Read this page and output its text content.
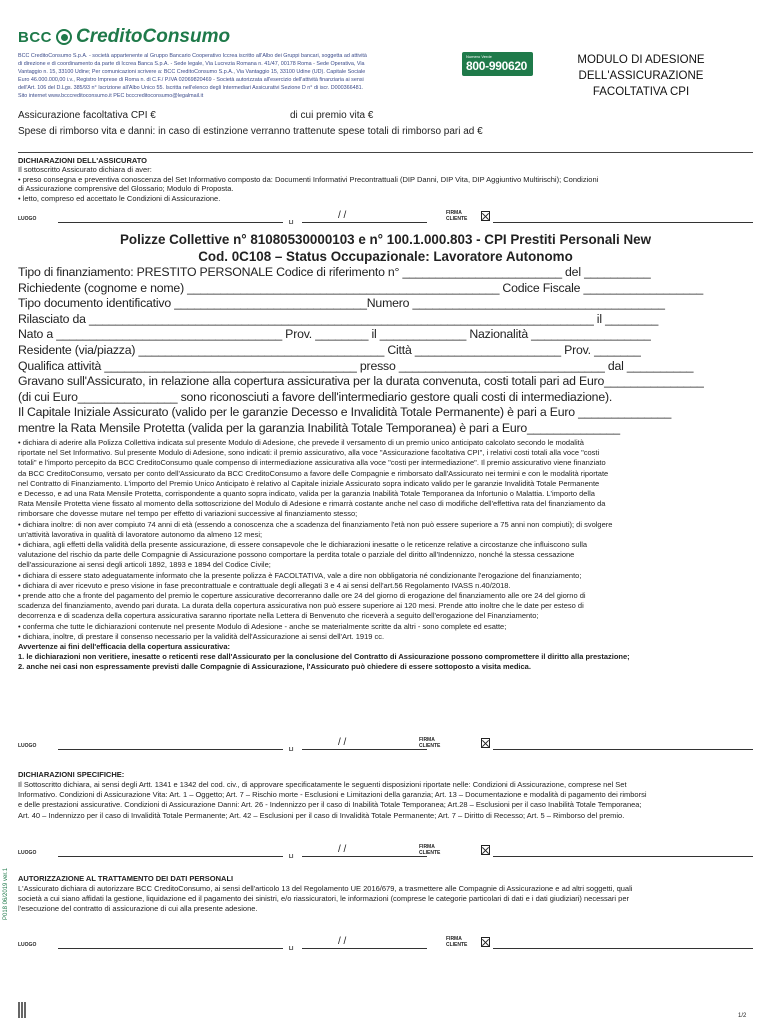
BCC CreditoConsumo
BCC CreditoConsumo S.p.A. - società appartenente al Gruppo Bancario Cooperativo Iccrea iscritto all'Albo dei Gruppi bancari, soggetta ad attività
di direzione e di coordinamento da parte di Iccrea Banca S.p.A. - Sede legale, Via Lucrezia Romana n. 41/47, 00178 Roma - Sede Operativa, Via
Vantaggio n. 15, 33100 Udine; Per comunicazioni scrivere a: BCC CreditoConsumo S.p.A., Via Vantaggio 15, 33100 Udine (UD). Capitale Sociale
Euro 46.000.000,00 i.v., Registro Imprese di Roma n. di C.F./ P.IVA 02069820469 - Società autorizzata all'esercizio dell'attività finanziaria ai sensi
dell'Art. 106 del D.Lgs. 385/93 n° Iscrizione all'Albo Unico 55. Iscritta nell'elenco degli Intermediari Assicurativi Sezione D n° di iscr. D000366481.
Sito internet www.bcccreditoconsumo.it PEC bcccreditoconsumo@legalmail.it
Numero Verde
800-990620	MODULO DI ADESIONE
DELL'ASSICURAZIONE
FACOLTATIVA CPI
Assicurazione facoltativa CPI €	di cui premio vita €
Spese di rimborso vita e danni: in caso di estinzione verranno trattenute spese totali di rimborso pari ad €
DICHIARAZIONI DELL'ASSICURATO
Il sottoscritto Assicurato dichiara di aver:
• preso consegna e preventiva conoscenza del Set Informativo composto da: Documenti Informativi Precontrattuali (DIP Danni, DIP Vita, DIP Aggiuntivo Multirischi); Condizioni
di Assicurazione comprensive del Glossario; Modulo di Proposta.
• letto, compreso ed accettato le Condizioni di Assicurazione.
LUOGO
LI
/ /	FIRMA
CLIENTE
Polizze Collettive n° 81080530000103 e n° 100.1.000.803 - CPI Prestiti Personali New
Cod. 0C108 – Status Occupazionale: Lavoratore Autonomo
Tipo di finanziamento: PRESTITO PERSONALE Codice di riferimento n° ________________________ del __________
Richiedente (cognome e nome) _______________________________________________ Codice Fiscale __________________
Tipo documento identificativo _____________________________Numero ______________________________________
Rilasciato da ____________________________________________________________________________ il ________
Nato a __________________________________ Prov. ________ il _____________ Nazionalità __________________
Residente (via/piazza) _____________________________________ Città ______________________ Prov. _______
Qualifica attività ______________________________________ presso _______________________________ dal __________
Gravano sull'Assicurato, in relazione alla copertura assicurativa per la durata convenuta, costi totali pari ad Euro_______________
(di cui Euro_______________ sono riconosciuti a favore dell'intermediario gestore quali costi di intermediazione).
Il Capitale Iniziale Assicurato (valido per le garanzie Decesso e Invalidità Totale Permanente) è pari a Euro ______________
mentre la Rata Mensile Protetta (valida per la garanzia Inabilità Totale Temporanea) è pari a Euro______________
• dichiara di aderire alla Polizza Collettiva indicata sul presente Modulo di Adesione, che prevede il versamento di un premio unico anticipato calcolato secondo le modalità
riportate nel Set Informativo. Sul presente Modulo di Adesione, sono indicati: il premio assicurativo, alla voce "Assicurazione facoltativa CPI", i relativi costi totali alla voce "costi
totali" e l'importo percepito da BCC CreditoConsumo quale compenso di intermediazione assicurativa alla voce "costi per intermediazione". Il premio assicurativo viene finanziato
da BCC CreditoConsumo, versato per conto dell'Assicurato da BCC CreditoConsumo a favore delle Compagnie e rimborsato dall'Assicurato nei termini e con le modalità riportate
nel Contratto di Finanziamento. L'importo del Premio Unico Anticipato è relativo al Capitale iniziale Assicurato sopra indicato valido per le garanzie Invalidità Totale Permanente
e Decesso, e ad una Rata Mensile Protetta, corrispondente a quanto sopra indicato, valida per la garanzia Inabilità Totale Temporanea da Infortunio o Malattia. L'importo della
Rata Mensile Protetta viene fissato al momento della sottoscrizione del Modulo di Adesione e rimarrà costante anche nel caso di modifiche dell'effettiva rata del finanziamento da
rimborsare che dovesse mutare nel tempo per effetto di variazioni successive al finanziamento stesso;
• dichiara inoltre: di non aver compiuto 74 anni di età (essendo a conoscenza che a scadenza del finanziamento l'età non può essere superiore a 75 anni non compiuti); di svolgere
un'attività lavorativa in qualità di lavoratore autonomo da almeno 12 mesi;
• dichiara, agli effetti della validità della presente assicurazione, di essere consapevole che le dichiarazioni inesatte o le reticenze relative a circostanze che influiscono sulla
valutazione del rischio da parte delle Compagnie di Assicurazione possono comportare la perdita totale o parziale del diritto all'Indennizzo, nonché la stessa cessazione
dell'assicurazione ai sensi degli articoli 1892, 1893 e 1894 del Codice Civile;
• dichiara di essere stato adeguatamente informato che la presente polizza è FACOLTATIVA, vale a dire non obbligatoria né condizionante l'erogazione del finanziamento;
• dichiara di aver ricevuto e preso visione in fase precontrattuale e contrattuale degli allegati 3 e 4 ai sensi dell'art.56 Regolamento IVASS n.40/2018.
• prende atto che a fronte del pagamento del premio le coperture assicurative decorreranno dalle ore 24 del giorno di erogazione del finanziamento alle ore 24 del giorno di
scadenza del finanziamento, avendo pari durata. La durata della copertura assicurativa non può essere superiore ai 120 mesi. Prende atto inoltre che le date per esteso di
decorrenza e di scadenza della copertura assicurativa saranno riportate nella Lettera di Benvenuto che riceverà a seguito dell'erogazione del Finanziamento;
• conferma che tutte le dichiarazioni contenute nel presente Modulo di Adesione - anche se materialmente scritte da altri - sono complete ed esatte;
• dichiara, inoltre, di prestare il consenso necessario per la validità dell'Assicurazione ai sensi dell'Art. 1919 cc.
Avvertenze ai fini dell'efficacia della copertura assicurativa:
1. le dichiarazioni non veritiere, inesatte o reticenti rese dall'Assicurato per la conclusione del Contratto di Assicurazione possono compromettere il diritto alla prestazione;
2. anche nei casi non espressamente previsti dalle Compagnie di Assicurazione, l'Assicurato può chiedere di essere sottoposto a visita medica.
LUOGO
LI
/ /	FIRMA
CLIENTE
DICHIARAZIONI SPECIFICHE:
Il Sottoscritto dichiara, ai sensi degli Artt. 1341 e 1342 del cod. civ., di approvare specificatamente le seguenti disposizioni riportate nelle: Condizioni di Assicurazione, comprese nel Set
Informativo. Condizioni di Assicurazione Vita: Art. 1 – Oggetto; Art. 7 – Rischio morte - Esclusioni e Limitazioni della garanzia; Art. 13 – Documentazione e modalità di pagamento dei rimborsi
e delle prestazioni assicurative. Condizioni di Assicurazione Danni: Art. 26 - Indennizzo per il caso di Inabilità Totale Temporanea; Art.28 – Esclusioni per il caso Inabilità Totale Temporanea;
Art. 40 – Indennizzo per il caso di Invalidità Totale Permanente; Art. 42 – Esclusioni per il caso di Invalidità Totale Permanente; Art. 7 – Diritto di Recesso; Art. 5 – Rimborso del premio.
LUOGO
LI
/ /	FIRMA
CLIENTE
AUTORIZZAZIONE AL TRATTAMENTO DEI DATI PERSONALI
L'Assicurato dichiara di autorizzare BCC CreditoConsumo, ai sensi dell'articolo 13 del Regolamento UE 2016/679, a trasmettere alle Compagnie di Assicurazione e ad altri soggetti, quali
società a cui siano affidati la gestione, liquidazione ed il pagamento dei sinistri, e/o riassicuratori, le informazioni (comprese le categorie particolari di dati e i dati giudiziari) necessari per
l'esecuzione del contratto di assicurazione di cui alla presente adesione.
LUOGO
LI
/ /	FIRMA
CLIENTE
P018 06/2019 ver.1
1/2
